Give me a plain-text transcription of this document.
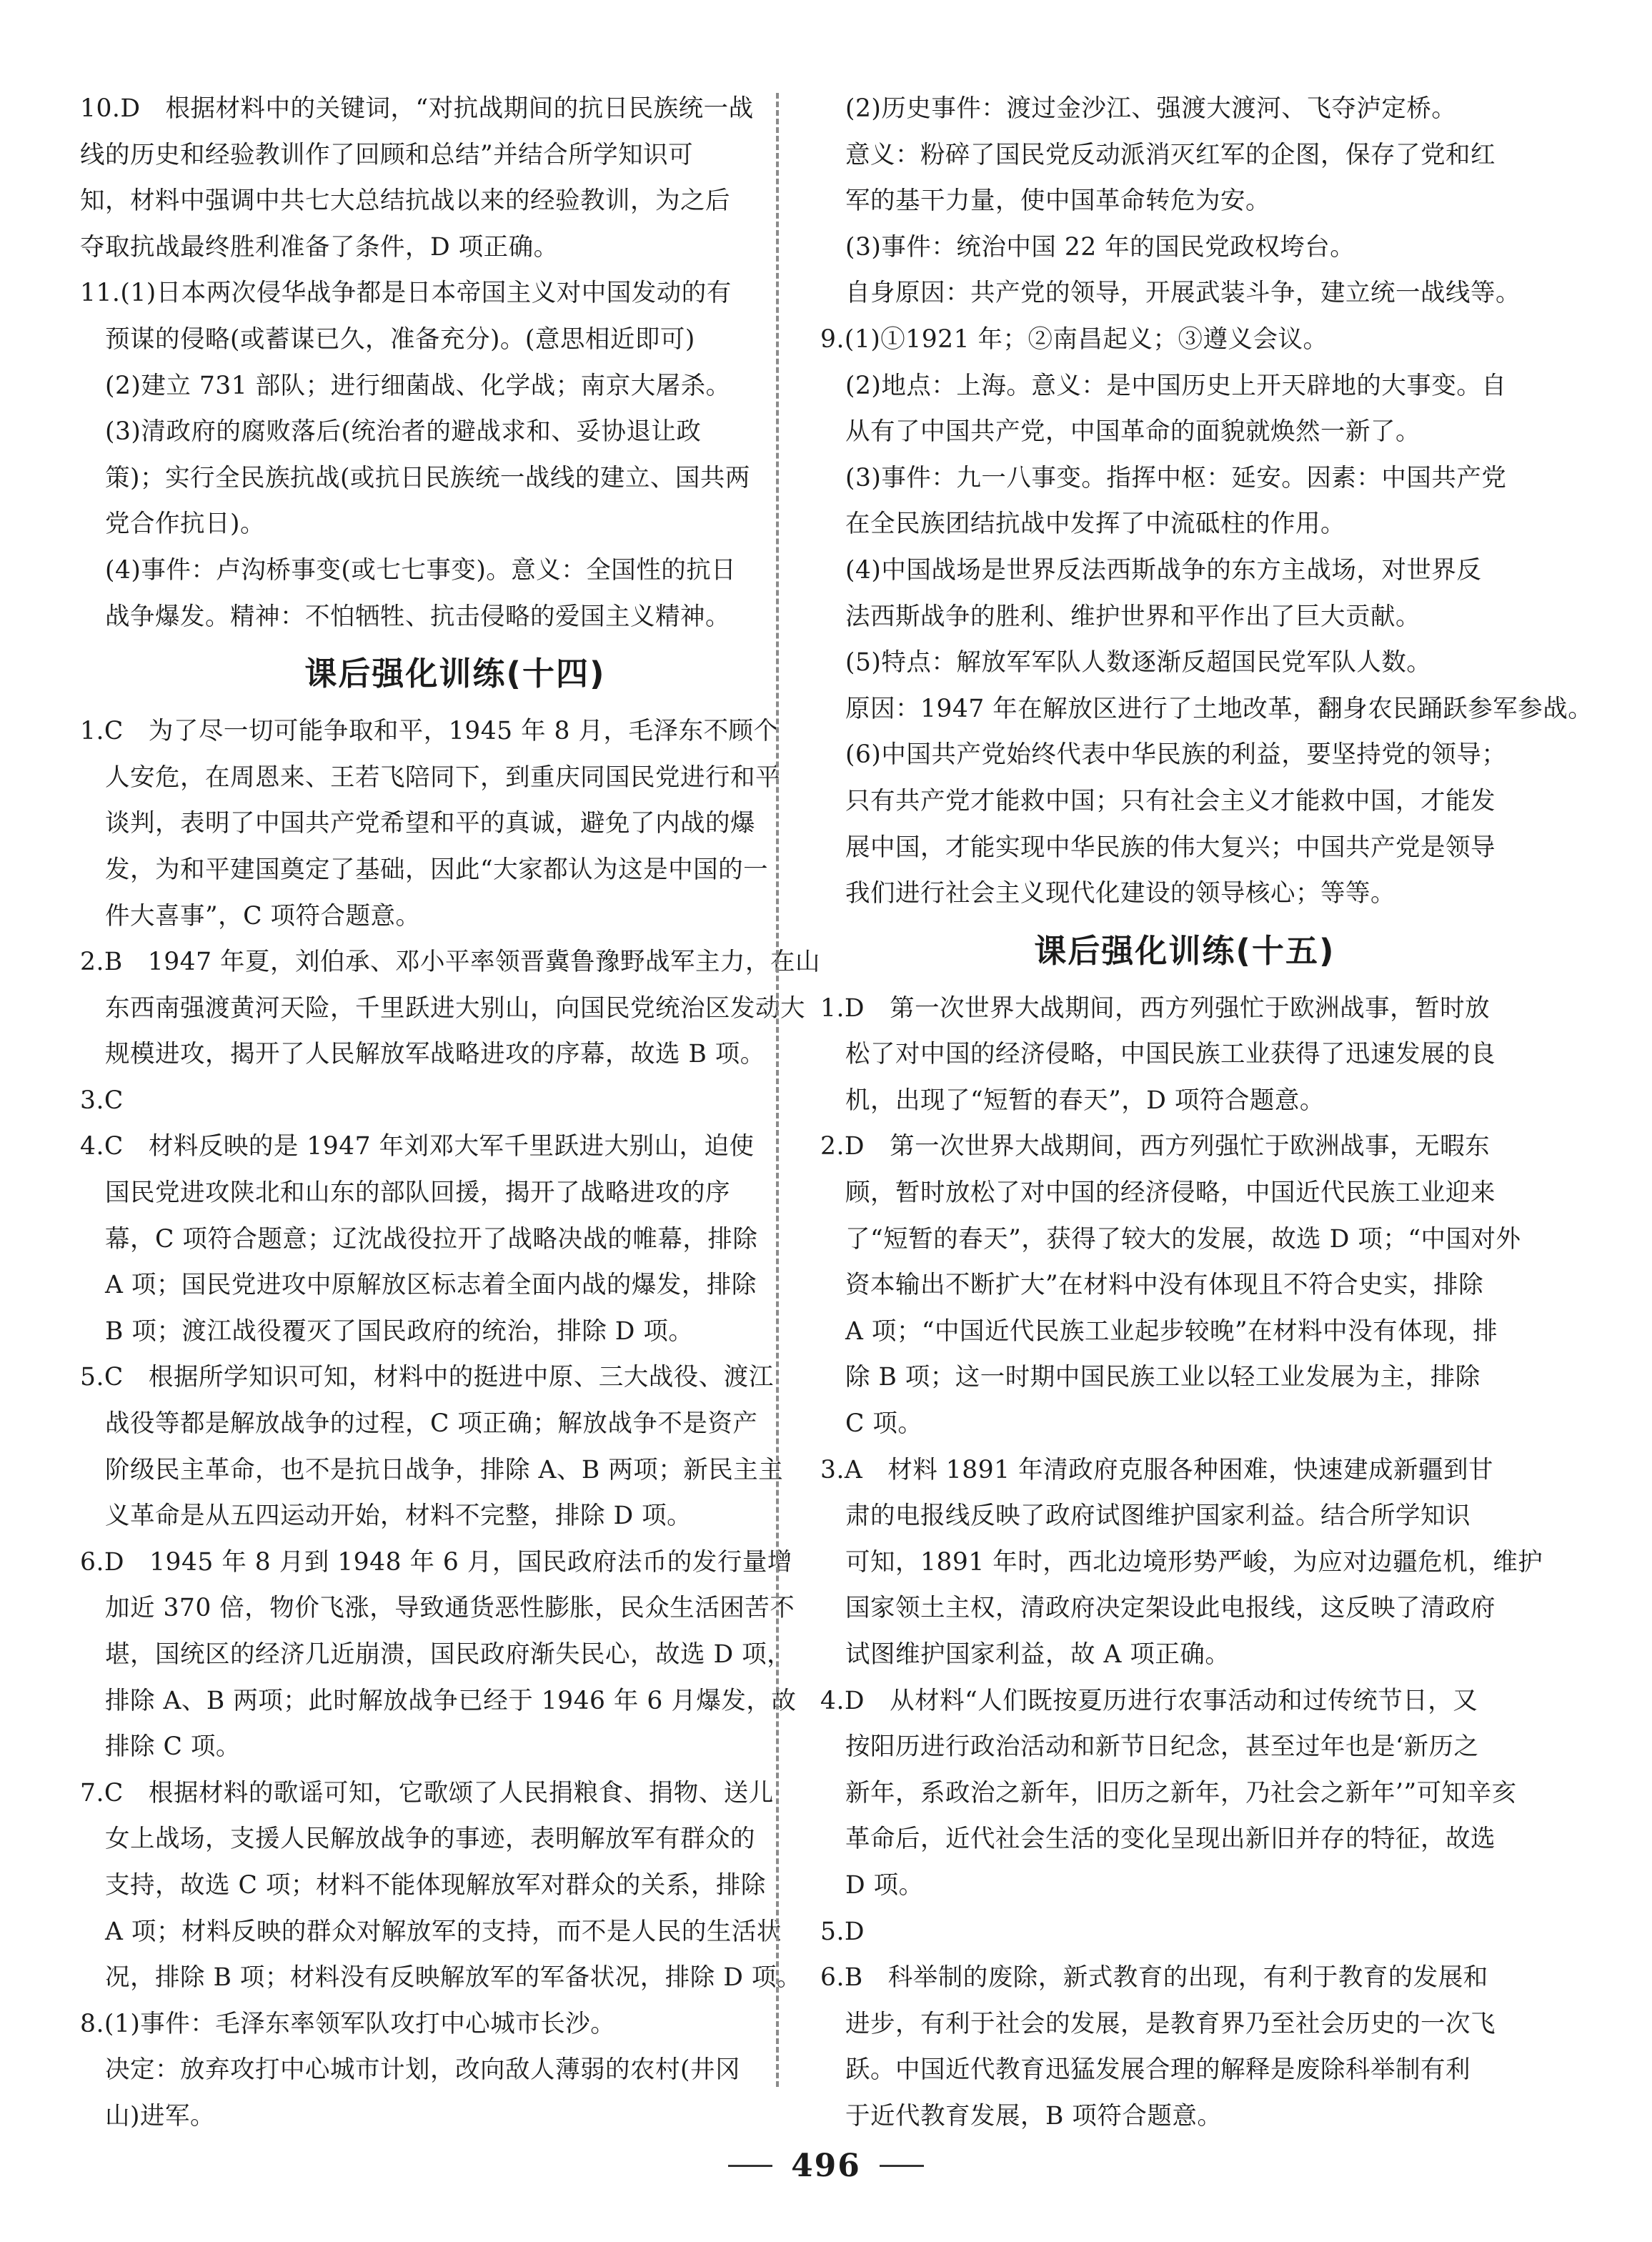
10.D　根据材料中的关键词，“对抗战期间的抗日民族统一战

线的历史和经验教训作了回顾和总结”并结合所学知识可

知，材料中强调中共七大总结抗战以来的经验教训，为之后

夺取抗战最终胜利准备了条件，D 项正确。

11.(1)日本两次侵华战争都是日本帝国主义对中国发动的有

　预谋的侵略(或蓄谋已久，准备充分)。(意思相近即可)

　(2)建立 731 部队；进行细菌战、化学战；南京大屠杀。

　(3)清政府的腐败落后(统治者的避战求和、妥协退让政

　策)；实行全民族抗战(或抗日民族统一战线的建立、国共两

　党合作抗日)。

　(4)事件：卢沟桥事变(或七七事变)。意义：全国性的抗日

　战争爆发。精神：不怕牺牲、抗击侵略的爱国主义精神。

课后强化训练(十四)

1.C　为了尽一切可能争取和平，1945 年 8 月，毛泽东不顾个

　人安危，在周恩来、王若飞陪同下，到重庆同国民党进行和平

　谈判，表明了中国共产党希望和平的真诚，避免了内战的爆

　发，为和平建国奠定了基础，因此“大家都认为这是中国的一

　件大喜事”，C 项符合题意。

2.B　1947 年夏，刘伯承、邓小平率领晋冀鲁豫野战军主力，在山

　东西南强渡黄河天险，千里跃进大别山，向国民党统治区发动大

　规模进攻，揭开了人民解放军战略进攻的序幕，故选 B 项。

3.C

4.C　材料反映的是 1947 年刘邓大军千里跃进大别山，迫使

　国民党进攻陕北和山东的部队回援，揭开了战略进攻的序

　幕，C 项符合题意；辽沈战役拉开了战略决战的帷幕，排除

　A 项；国民党进攻中原解放区标志着全面内战的爆发，排除

　B 项；渡江战役覆灭了国民政府的统治，排除 D 项。

5.C　根据所学知识可知，材料中的挺进中原、三大战役、渡江

　战役等都是解放战争的过程，C 项正确；解放战争不是资产

　阶级民主革命，也不是抗日战争，排除 A、B 两项；新民主主

　义革命是从五四运动开始，材料不完整，排除 D 项。

6.D　1945 年 8 月到 1948 年 6 月，国民政府法币的发行量增

　加近 370 倍，物价飞涨，导致通货恶性膨胀，民众生活困苦不

　堪，国统区的经济几近崩溃，国民政府渐失民心，故选 D 项，

　排除 A、B 两项；此时解放战争已经于 1946 年 6 月爆发，故

　排除 C 项。

7.C　根据材料的歌谣可知，它歌颂了人民捐粮食、捐物、送儿

　女上战场，支援人民解放战争的事迹，表明解放军有群众的

　支持，故选 C 项；材料不能体现解放军对群众的关系，排除

　A 项；材料反映的群众对解放军的支持，而不是人民的生活状

　况，排除 B 项；材料没有反映解放军的军备状况，排除 D 项。

8.(1)事件：毛泽东率领军队攻打中心城市长沙。

　决定：放弃攻打中心城市计划，改向敌人薄弱的农村(井冈

　山)进军。

　(2)历史事件：渡过金沙江、强渡大渡河、飞夺泸定桥。

　意义：粉碎了国民党反动派消灭红军的企图，保存了党和红

　军的基干力量，使中国革命转危为安。

　(3)事件：统治中国 22 年的国民党政权垮台。

　自身原因：共产党的领导，开展武装斗争，建立统一战线等。

9.(1)①1921 年；②南昌起义；③遵义会议。

　(2)地点：上海。意义：是中国历史上开天辟地的大事变。自

　从有了中国共产党，中国革命的面貌就焕然一新了。

　(3)事件：九一八事变。指挥中枢：延安。因素：中国共产党

　在全民族团结抗战中发挥了中流砥柱的作用。

　(4)中国战场是世界反法西斯战争的东方主战场，对世界反

　法西斯战争的胜利、维护世界和平作出了巨大贡献。

　(5)特点：解放军军队人数逐渐反超国民党军队人数。

　原因：1947 年在解放区进行了土地改革，翻身农民踊跃参军参战。

　(6)中国共产党始终代表中华民族的利益，要坚持党的领导；

　只有共产党才能救中国；只有社会主义才能救中国，才能发

　展中国，才能实现中华民族的伟大复兴；中国共产党是领导

　我们进行社会主义现代化建设的领导核心；等等。

课后强化训练(十五)

1.D　第一次世界大战期间，西方列强忙于欧洲战事，暂时放

　松了对中国的经济侵略，中国民族工业获得了迅速发展的良

　机，出现了“短暂的春天”，D 项符合题意。

2.D　第一次世界大战期间，西方列强忙于欧洲战事，无暇东

　顾，暂时放松了对中国的经济侵略，中国近代民族工业迎来

　了“短暂的春天”，获得了较大的发展，故选 D 项；“中国对外

　资本输出不断扩大”在材料中没有体现且不符合史实，排除

　A 项；“中国近代民族工业起步较晚”在材料中没有体现，排

　除 B 项；这一时期中国民族工业以轻工业发展为主，排除

　C 项。

3.A　材料 1891 年清政府克服各种困难，快速建成新疆到甘

　肃的电报线反映了政府试图维护国家利益。结合所学知识

　可知，1891 年时，西北边境形势严峻，为应对边疆危机，维护

　国家领土主权，清政府决定架设此电报线，这反映了清政府

　试图维护国家利益，故 A 项正确。

4.D　从材料“人们既按夏历进行农事活动和过传统节日，又

　按阳历进行政治活动和新节日纪念，甚至过年也是‘新历之

　新年，系政治之新年，旧历之新年，乃社会之新年’”可知辛亥

　革命后，近代社会生活的变化呈现出新旧并存的特征，故选

　D 项。

5.D

6.B　科举制的废除，新式教育的出现，有利于教育的发展和

　进步，有利于社会的发展，是教育界乃至社会历史的一次飞

　跃。中国近代教育迅猛发展合理的解释是废除科举制有利

　于近代教育发展，B 项符合题意。

496
